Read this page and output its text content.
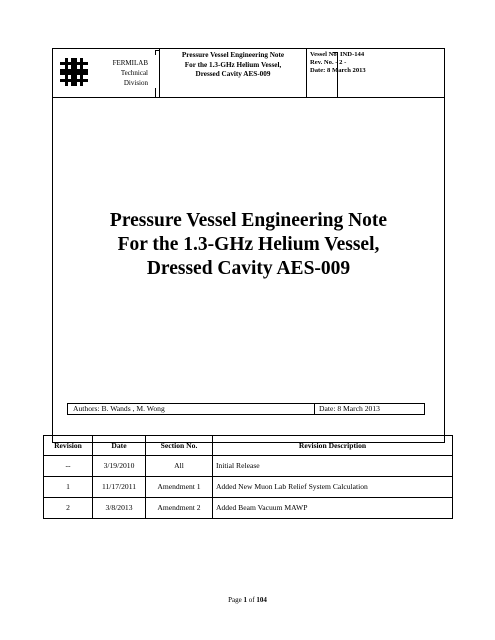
FERMILAB
Technical
Division
Pressure Vessel Engineering Note
For the 1.3-GHz Helium Vessel,
Dressed Cavity AES-009
Vessel No. IND-144
Rev. No. - 2 -
Date: 8 March 2013
Pressure Vessel Engineering Note
For the 1.3-GHz Helium Vessel,
Dressed Cavity AES-009
Authors: B. Wands , M. Wong	Date: 8 March 2013
Revision	Date	Section No.	Revision Description
--	3/19/2010	All	Initial Release
1	11/17/2011	Amendment 1	Added New Muon Lab Relief System Calculation
2	3/8/2013	Amendment 2	Added Beam Vacuum MAWP
Page 1 of 104
